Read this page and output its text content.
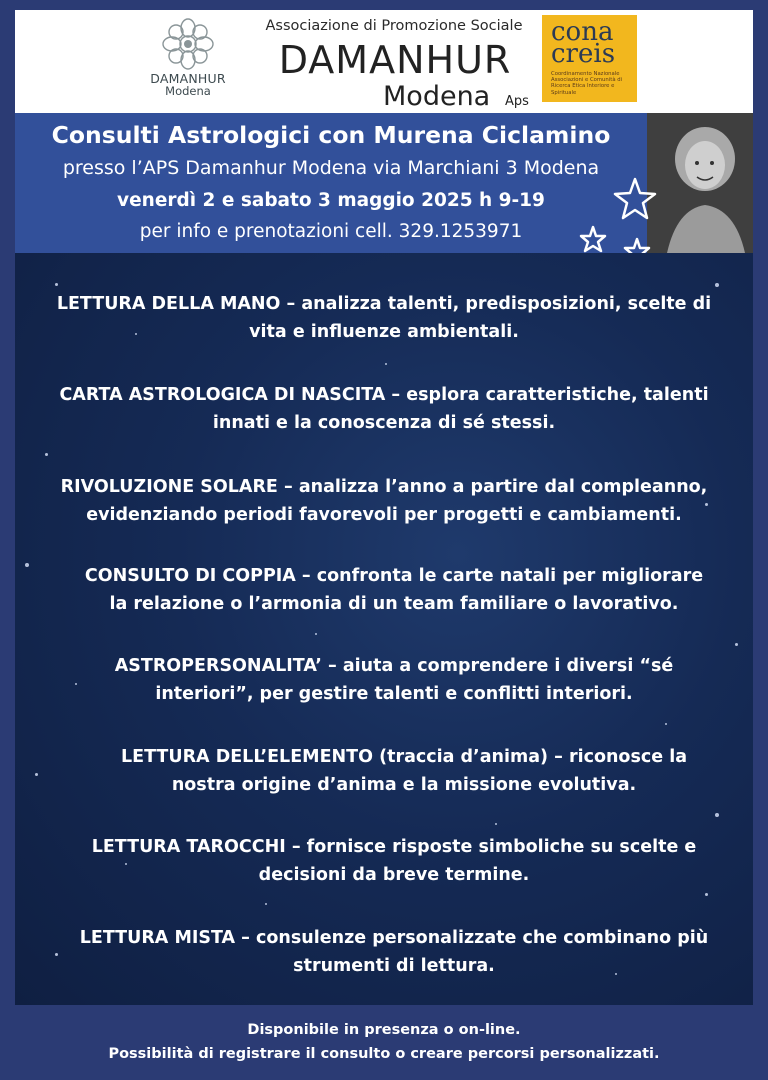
DAMANHUR
Modena
Associazione di Promozione Sociale
DAMANHUR
Modena Aps
cona
creis
Coordinamento Nazionale Associazioni e Comunità di Ricerca Etica Interiore e Spirituale
Consulti Astrologici con Murena Ciclamino
presso l’APS Damanhur Modena via Marchiani 3 Modena
venerdì 2 e sabato 3 maggio 2025 h 9-19
per info e prenotazioni cell. 329.1253971
LETTURA DELLA MANO – analizza talenti, predisposizioni, scelte di
vita e influenze ambientali.
CARTA ASTROLOGICA DI NASCITA – esplora caratteristiche, talenti
innati e la conoscenza di sé stessi.
RIVOLUZIONE SOLARE – analizza l’anno a partire dal compleanno,
evidenziando periodi favorevoli per progetti e cambiamenti.
CONSULTO DI COPPIA – confronta le carte natali per migliorare
la relazione o l’armonia di un team familiare o lavorativo.
ASTROPERSONALITA’ – aiuta a comprendere i diversi “sé
interiori”, per gestire talenti e conflitti interiori.
LETTURA DELL’ELEMENTO (traccia d’anima) – riconosce la
nostra origine d’anima e la missione evolutiva.
LETTURA TAROCCHI – fornisce risposte simboliche su scelte e
decisioni da breve termine.
LETTURA MISTA – consulenze personalizzate che combinano più
strumenti di lettura.
Disponibile in presenza o on-line.
Possibilità di registrare il consulto o creare percorsi personalizzati.
